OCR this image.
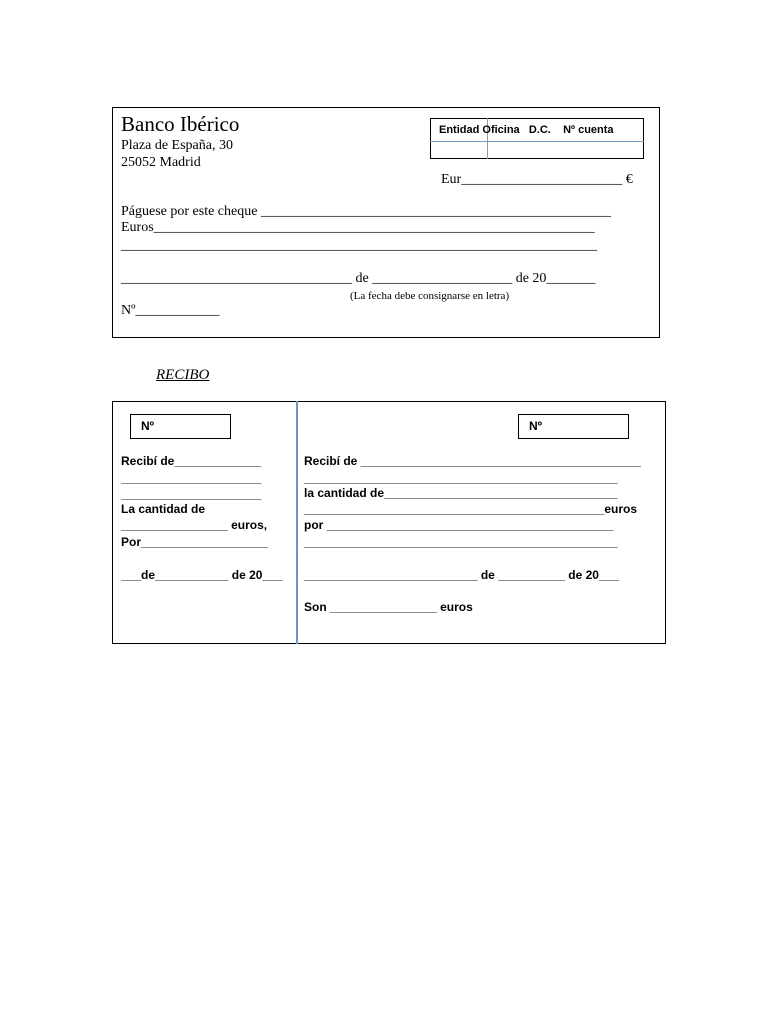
Banco Ibérico
Plaza de España, 30
25052 Madrid
Entidad Oficina   D.C.    Nº cuenta
Eur_______________________ €
Páguese por este cheque __________________________________________________
Euros_______________________________________________________________
____________________________________________________________________
_________________________________ de ____________________ de 20_______
(La fecha debe consignarse en letra)
Nº____________
RECIBO
Nº	Nº
Recibí de_____________
_____________________
_____________________
La cantidad de
________________ euros,
Por___________________
___de___________ de 20___
Recibí de __________________________________________
_______________________________________________
la cantidad de___________________________________
_____________________________________________euros
por ___________________________________________
_______________________________________________
__________________________ de __________ de 20___
Son ________________ euros
